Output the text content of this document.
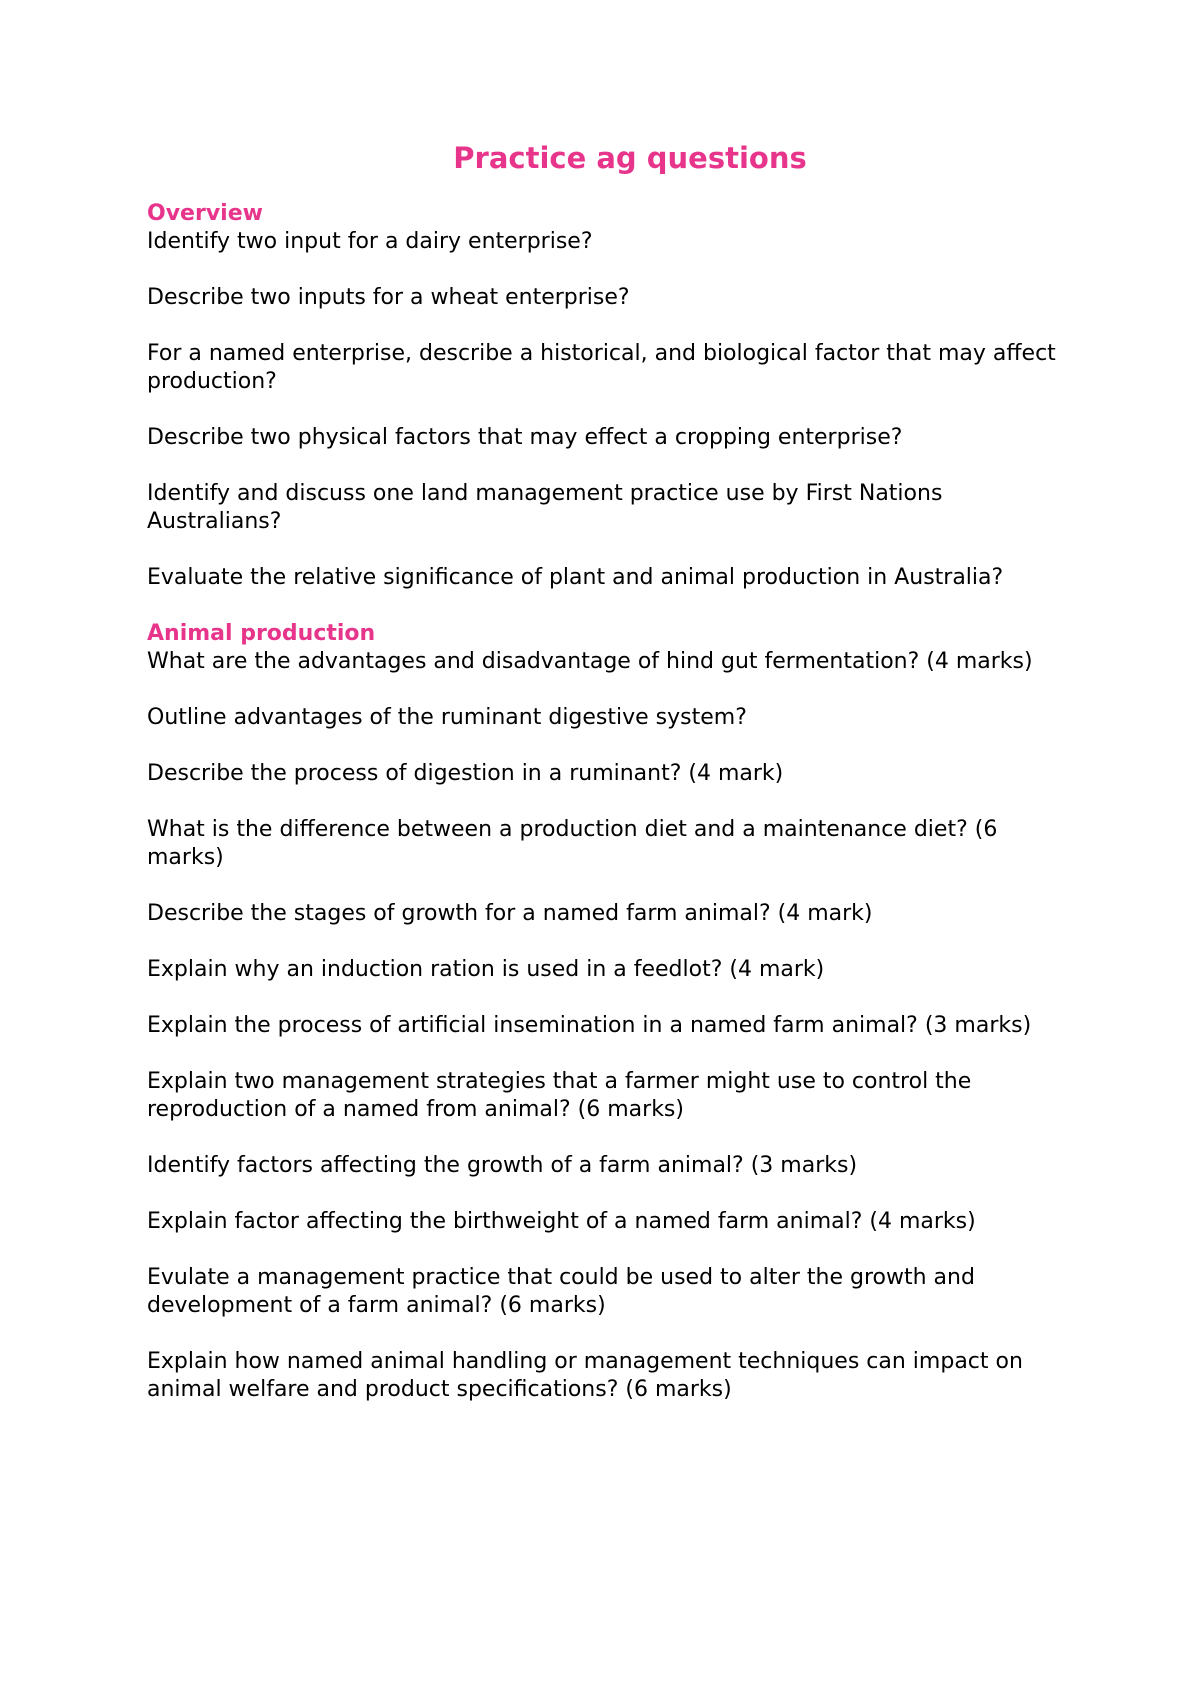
Practice ag questions
Overview

Identify two input for a dairy enterprise?

Describe two inputs for a wheat enterprise?

For a named enterprise, describe a historical, and biological factor that may affect production?

Describe two physical factors that may effect a cropping enterprise?

Identify and discuss one land management practice use by First Nations Australians?

Evaluate the relative significance of plant and animal production in Australia?

Animal production

What are the advantages and disadvantage of hind gut fermentation? (4 marks)

Outline advantages of the ruminant digestive system?

Describe the process of digestion in a ruminant? (4 mark)

What is the difference between a production diet and a maintenance diet? (6 marks)

Describe the stages of growth for a named farm animal? (4 mark)

Explain why an induction ration is used in a feedlot? (4 mark)

Explain the process of artificial insemination in a named farm animal? (3 marks)

Explain two management strategies that a farmer might use to control the reproduction of a named from animal? (6 marks)

Identify factors affecting the growth of a farm animal? (3 marks)

Explain factor affecting the birthweight of a named farm animal? (4 marks)

Evulate a management practice that could be used to alter the growth and development of a farm animal? (6 marks)

Explain how named animal handling or management techniques can impact on animal welfare and product specifications? (6 marks)
